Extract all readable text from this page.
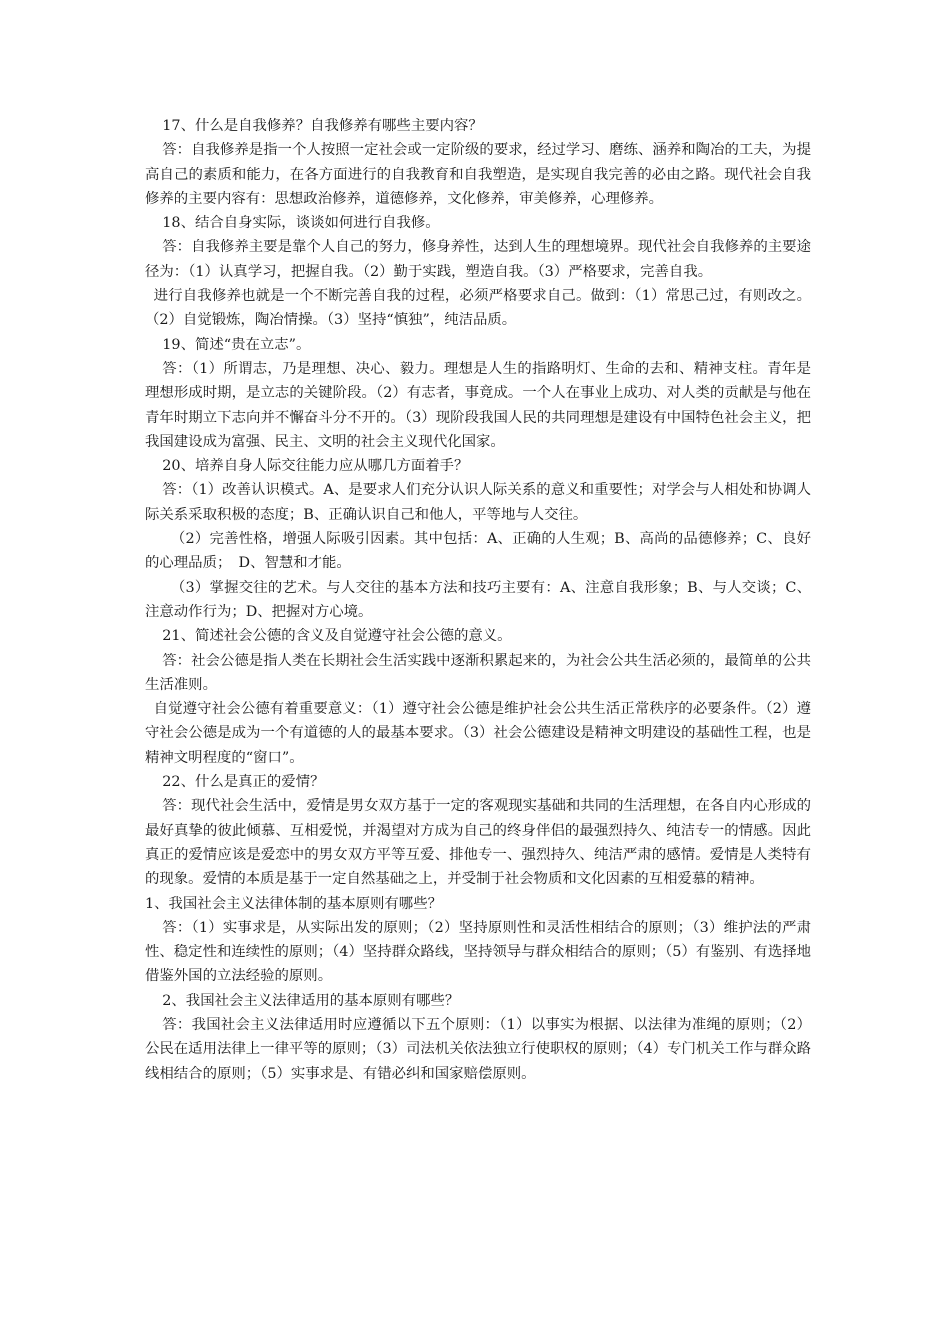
17、什么是自我修养？自我修养有哪些主要内容？

答：自我修养是指一个人按照一定社会或一定阶级的要求，经过学习、磨练、涵养和陶冶的工夫，为提高自己的素质和能力，在各方面进行的自我教育和自我塑造，是实现自我完善的必由之路。现代社会自我修养的主要内容有：思想政治修养，道德修养，文化修养，审美修养，心理修养。

18、结合自身实际，谈谈如何进行自我修。

答：自我修养主要是靠个人自己的努力，修身养性，达到人生的理想境界。现代社会自我修养的主要途径为：（1）认真学习，把握自我。（2）勤于实践，塑造自我。（3）严格要求，完善自我。

进行自我修养也就是一个不断完善自我的过程，必须严格要求自己。做到：（1）常思己过，有则改之。（2）自觉锻炼，陶冶情操。（3）坚持“慎独”，纯洁品质。

19、简述“贵在立志”。

答：（1）所谓志，乃是理想、决心、毅力。理想是人生的指路明灯、生命的去和、精神支柱。青年是理想形成时期，是立志的关键阶段。（2）有志者，事竟成。一个人在事业上成功、对人类的贡献是与他在青年时期立下志向并不懈奋斗分不开的。（3）现阶段我国人民的共同理想是建设有中国特色社会主义，把我国建设成为富强、民主、文明的社会主义现代化国家。

20、培养自身人际交往能力应从哪几方面着手？

答：（1）改善认识模式。A、是要求人们充分认识人际关系的意义和重要性；对学会与人相处和协调人际关系采取积极的态度；B、正确认识自己和他人，平等地与人交往。

（2）完善性格，增强人际吸引因素。其中包括：A、正确的人生观；B、高尚的品德修养；C、良好的心理品质；　D、智慧和才能。

（3）掌握交往的艺术。与人交往的基本方法和技巧主要有：A、注意自我形象；B、与人交谈；C、注意动作行为；D、把握对方心境。

21、简述社会公德的含义及自觉遵守社会公德的意义。

答：社会公德是指人类在长期社会生活实践中逐渐积累起来的，为社会公共生活必须的，最简单的公共生活准则。

自觉遵守社会公德有着重要意义：（1）遵守社会公德是维护社会公共生活正常秩序的必要条件。（2）遵守社会公德是成为一个有道德的人的最基本要求。（3）社会公德建设是精神文明建设的基础性工程，也是精神文明程度的“窗口”。

22、什么是真正的爱情？

答：现代社会生活中，爱情是男女双方基于一定的客观现实基础和共同的生活理想，在各自内心形成的最好真挚的彼此倾慕、互相爱悦，并渴望对方成为自己的终身伴侣的最强烈持久、纯洁专一的情感。因此真正的爱情应该是爱恋中的男女双方平等互爱、排他专一、强烈持久、纯洁严肃的感情。爱情是人类特有的现象。爱情的本质是基于一定自然基础之上，并受制于社会物质和文化因素的互相爱慕的精神。

1、我国社会主义法律体制的基本原则有哪些？

答：（1）实事求是，从实际出发的原则；（2）坚持原则性和灵活性相结合的原则；（3）维护法的严肃性、稳定性和连续性的原则；（4）坚持群众路线，坚持领导与群众相结合的原则；（5）有鉴别、有选择地借鉴外国的立法经验的原则。

2、我国社会主义法律适用的基本原则有哪些？

答：我国社会主义法律适用时应遵循以下五个原则：（1）以事实为根据、以法律为准绳的原则；（2）公民在适用法律上一律平等的原则；（3）司法机关依法独立行使职权的原则；（4）专门机关工作与群众路线相结合的原则；（5）实事求是、有错必纠和国家赔偿原则。
